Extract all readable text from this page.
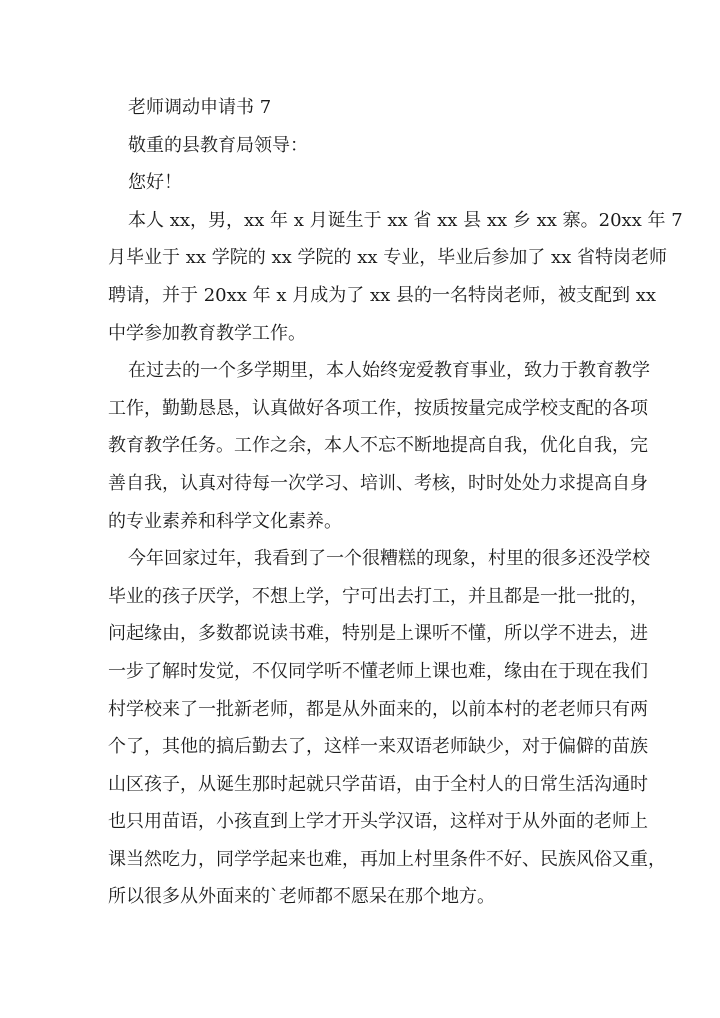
老师调动申请书 7
敬重的县教育局领导：
您好！
本人 xx，男，xx 年 x 月诞生于 xx 省 xx 县 xx 乡 xx 寨。20xx 年 7
月毕业于 xx 学院的 xx 学院的 xx 专业，毕业后参加了 xx 省特岗老师
聘请，并于 20xx 年 x 月成为了 xx 县的一名特岗老师，被支配到 xx
中学参加教育教学工作。
在过去的一个多学期里，本人始终宠爱教育事业，致力于教育教学
工作，勤勤恳恳，认真做好各项工作，按质按量完成学校支配的各项
教育教学任务。工作之余，本人不忘不断地提高自我，优化自我，完
善自我，认真对待每一次学习、培训、考核，时时处处力求提高自身
的专业素养和科学文化素养。
今年回家过年，我看到了一个很糟糕的现象，村里的很多还没学校
毕业的孩子厌学，不想上学，宁可出去打工，并且都是一批一批的，
问起缘由，多数都说读书难，特别是上课听不懂，所以学不进去，进
一步了解时发觉，不仅同学听不懂老师上课也难，缘由在于现在我们
村学校来了一批新老师，都是从外面来的，以前本村的老老师只有两
个了，其他的搞后勤去了，这样一来双语老师缺少，对于偏僻的苗族
山区孩子，从诞生那时起就只学苗语，由于全村人的日常生活沟通时
也只用苗语，小孩直到上学才开头学汉语，这样对于从外面的老师上
课当然吃力，同学学起来也难，再加上村里条件不好、民族风俗又重，
所以很多从外面来的`老师都不愿呆在那个地方。
